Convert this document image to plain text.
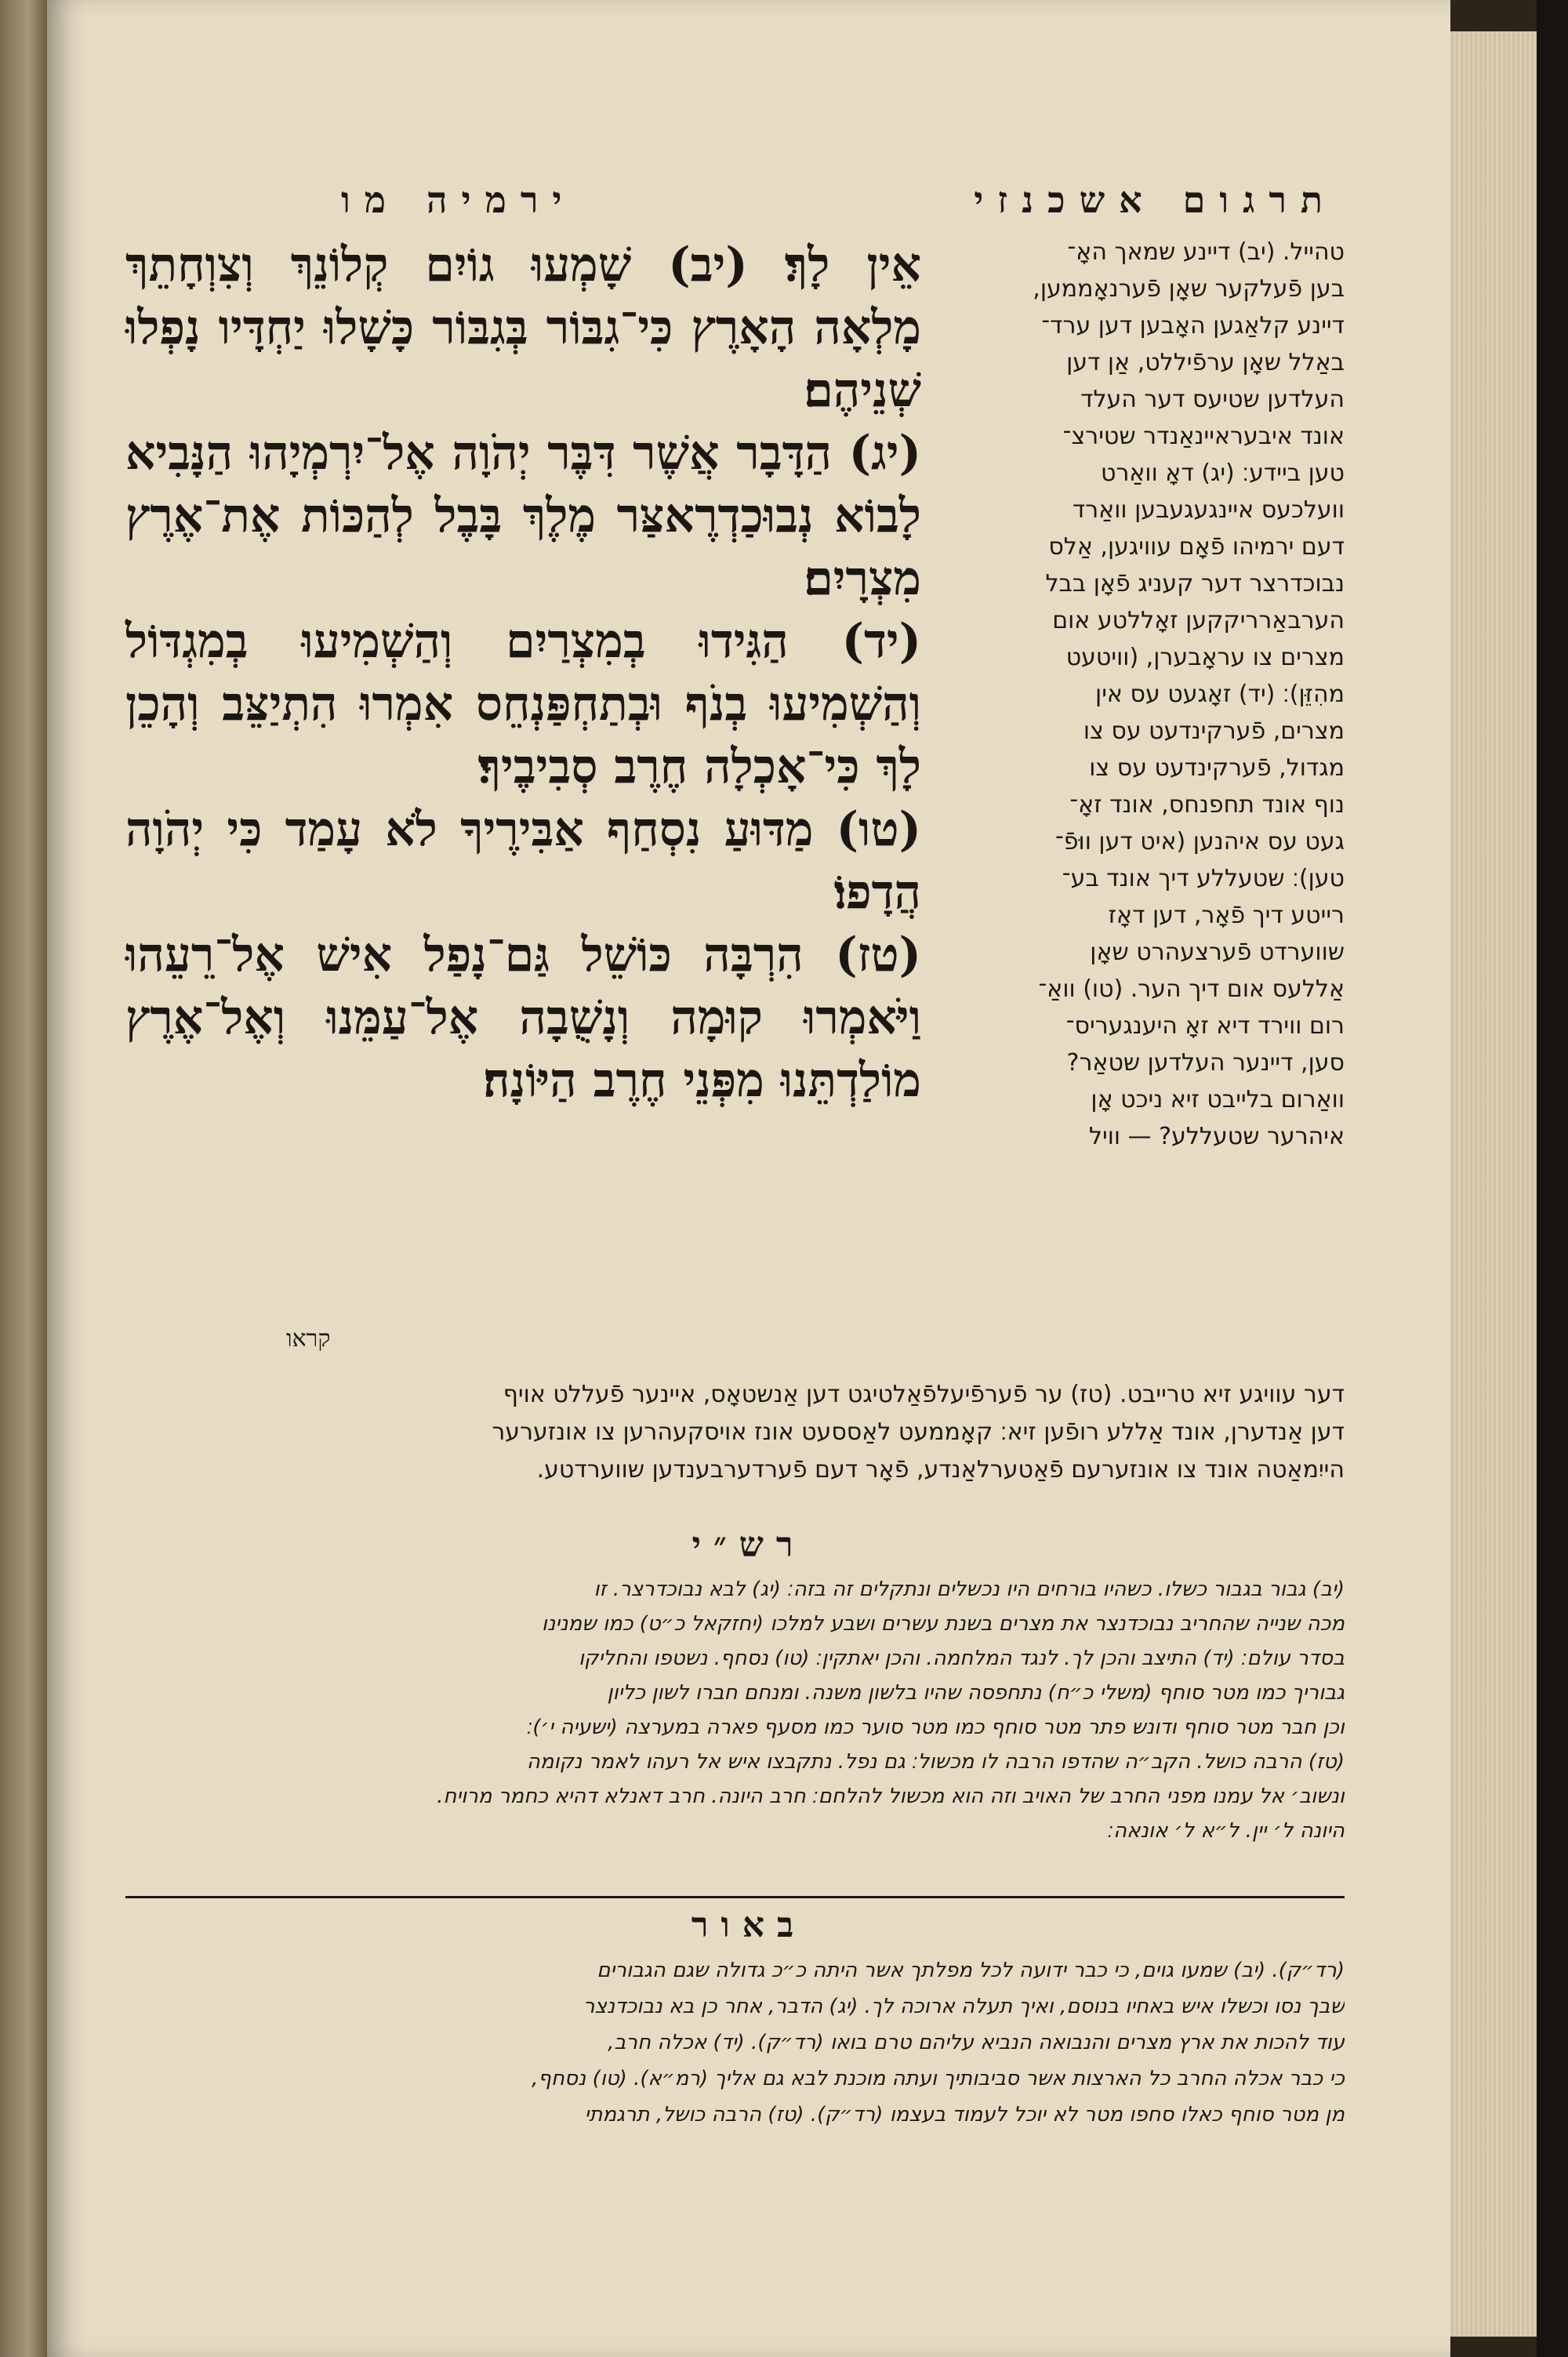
תרגום אשכנזי
ירמיה מו

אֵין לָךְ׃ (יב) שָׁמְעוּ גוֹיִם קְלוֹנֵךְ וְצִוְחָתֵךְ מָלְאָה הָאָרֶץ כִּי־גִבּוֹר בְּגִבּוֹר כָּשָׁלוּ יַחְדָּיו נָפְלוּ שְׁנֵיהֶם׃

(יג) הַדָּבָר אֲשֶׁר דִּבֶּר יְהֹוָה אֶל־יִרְמְיָהוּ הַנָּבִיא לָבוֹא נְבוּכַדְרֶאצַּר מֶלֶךְ בָּבֶל לְהַכּוֹת אֶת־אֶרֶץ מִצְרָיִם׃

(יד) הַגִּידוּ בְמִצְרַיִם וְהַשְׁמִיעוּ בְמִגְדּוֹל וְהַשְׁמִיעוּ בְנֹף וּבְתַחְפַּנְחֵס אִמְרוּ הִתְיַצֵּב וְהָכֵן לָךְ כִּי־אָכְלָה חֶרֶב סְבִיבֶיךָ׃

(טו) מַדּוּעַ נִסְחַף אַבִּירֶיךָ לֹא עָמַד כִּי יְהֹוָה הֲדָפוֹ׃

(טז) הִרְבָּה כּוֹשֵׁל גַּם־נָפַל אִישׁ אֶל־רֵעֵהוּ וַיֹּאמְרוּ קוּמָה וְנָשֻׁבָה אֶל־עַמֵּנוּ וְאֶל־אֶרֶץ מוֹלַדְתֵּנוּ מִפְּנֵי חֶרֶב הַיּוֹנָה׃

קראו
טהייל. (יב) דיינע שמאך האָ־
בען פֿעלקער שאָן פֿערנאָממען,
דיינע קלאַגען האָבען דען ערד־
באַלל שאָן ערפֿיללט, אַן דען
העלדען שטיעס דער העלד
אונד איבעראיינאַנדר שטירצ־
טען ביידע׃ (יג) דאָ וואַרט
וועלכעס איינגעגעבען וואַרד
דעם ירמיהו פֿאָם עוויגען, אַלס
נבוכדרצר דער קעניג פֿאָן בבל
הערבאַרריקקען זאָללטע אום
מצרים צו עראָבערן, (וויטעט
מהִזֵּן)׃ (יד) זאָגעט עס אין
מצרים, פֿערקינדעט עס צו
מגדול, פֿערקינדעט עס צו
נוף אונד תחפנחס, אונד זאָ־
געט עס איהנען (איט דען ווּפֿ־
טען)׃ שטעללע דיך אונד בע־
רייטע דיך פֿאָר, דען דאָז
שווערדט פֿערצעהרט שאָן
אַללעס אום דיך הער. (טו) וואַ־
רום ווירד דיא זאָ היענגעריס־
סען, דיינער העלדען שטאַר?
וואַרום בלייבט זיא ניכט אָן
איהרער שטעללע? — וויל
דער עוויגע זיא טרייבט. (טז) ער פֿערפֿיעלפֿאַלטיגט דען אַנשטאָס, איינער פֿעללט אויף
דען אַנדערן, אונד אַללע רופֿען זיא׃ קאָממעט לאַססעט אונז אויסקעהרען צו אונזערער
הייִמאַטה אונד צו אונזערעם פֿאַטערלאַנדע, פֿאָר דעם פֿערדערבענדען שווערדטע.
רש״י
(יב) גבור בגבור כשלו. כשהיו בורחים היו נכשלים ונתקלים זה בזה׃ (יג) לבא נבוכדרצר. זו
מכה שנייה שהחריב נבוכדנצר את מצרים בשנת עשרים ושבע למלכו (יחזקאל כ״ט) כמו שמנינו
בסדר עולם׃ (יד) התיצב והכן לך. לנגד המלחמה. והכן יאתקין׃ (טו) נסחף. נשטפו והחליקו
גבוריך כמו מטר סוחף (משלי כ״ח) נתחפסה שהיו בלשון משנה. ומנחם חברו לשון כליון
וכן חבר מטר סוחף ודונש פתר מטר סוחף כמו מטר סוער כמו מסעף פארה במערצה (ישעיה י׳)׃
(טז) הרבה כושל. הקב״ה שהדפו הרבה לו מכשול׃ גם נפל. נתקבצו איש אל רעהו לאמר נקומה
ונשוב׳ אל עמנו מפני החרב של האויב וזה הוא מכשול להלחם׃ חרב היונה. חרב דאנלא דהיא כחמר מרויח.
היונה ל׳ יין. ל״א ל׳ אונאה׃
באור
(רד״ק). (יב) שמעו גוים, כי כבר ידועה לכל מפלתך אשר היתה כ״כ גדולה שגם הגבורים
שבך נסו וכשלו איש באחיו בנוסם, ואיך תעלה ארוכה לך. (יג) הדבר, אחר כן בא נבוכדנצר
עוד להכות את ארץ מצרים והנבואה הנביא עליהם טרם בואו (רד״ק). (יד) אכלה חרב,
כי כבר אכלה החרב כל הארצות אשר סביבותיך ועתה מוכנת לבא גם אליך (רמ״א). (טו) נסחף,
מן מטר סוחף כאלו סחפו מטר לא יוכל לעמוד בעצמו (רד״ק). (טז) הרבה כושל, תרגמתי
